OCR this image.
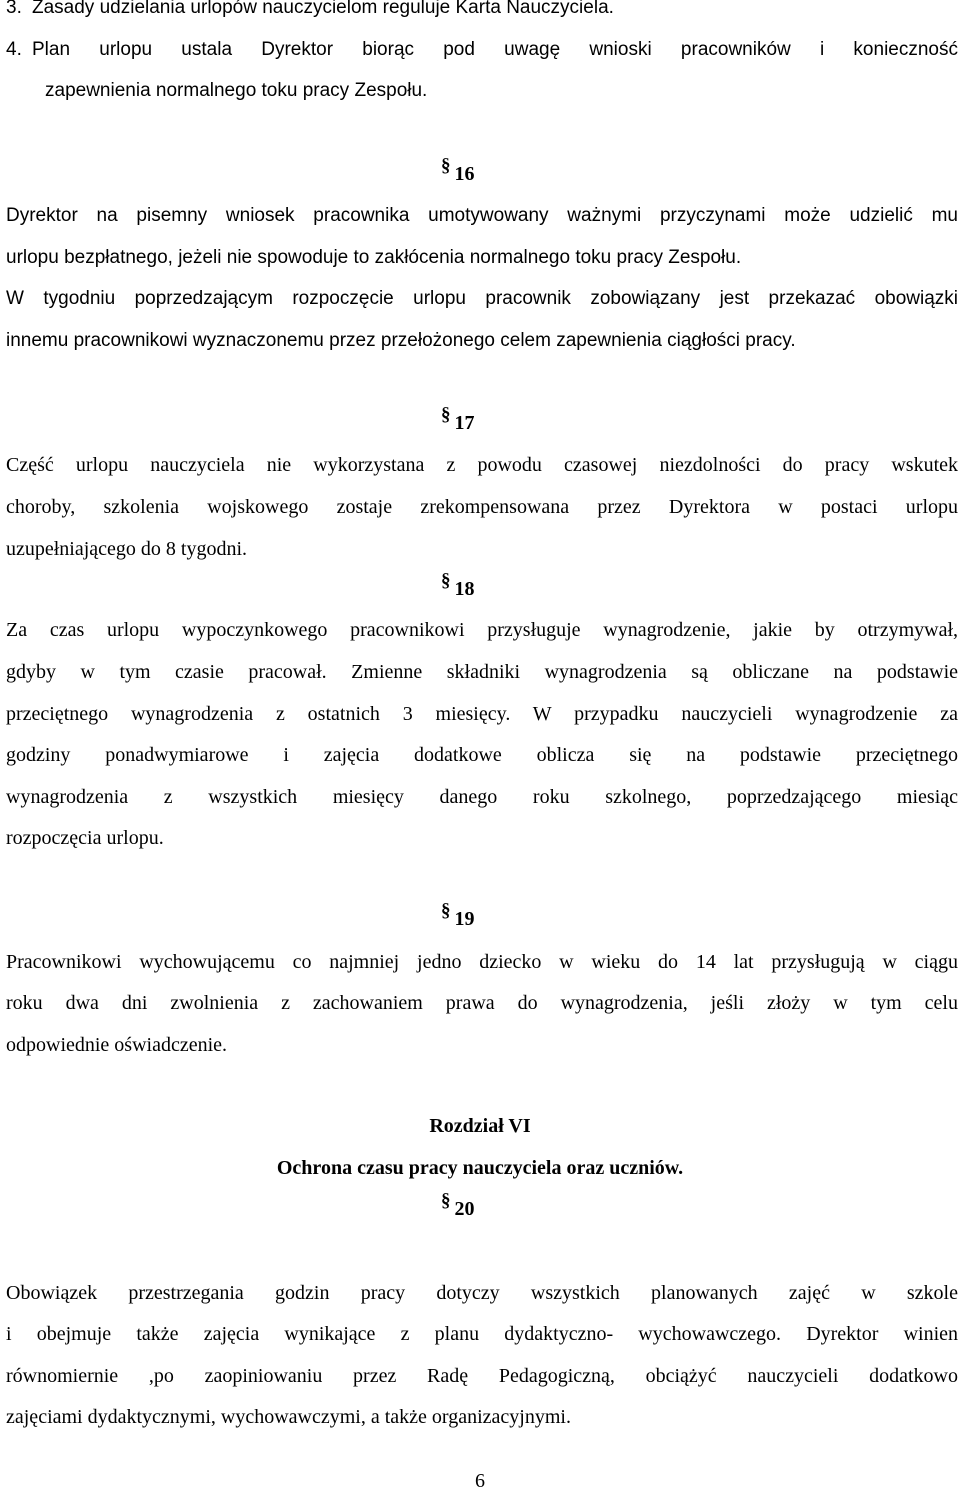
3. Zasady udzielania urlopów nauczycielom reguluje Karta Nauczyciela.
4. Plan urlopu ustala Dyrektor biorąc pod uwagę wnioski pracowników i konieczność
zapewnienia normalnego toku pracy Zespołu.
§ 16
Dyrektor na pisemny wniosek pracownika umotywowany ważnymi przyczynami może udzielić mu
urlopu bezpłatnego, jeżeli nie spowoduje to zakłócenia normalnego toku pracy Zespołu.
W tygodniu poprzedzającym rozpoczęcie urlopu pracownik zobowiązany jest przekazać obowiązki
innemu pracownikowi wyznaczonemu przez przełożonego celem zapewnienia ciągłości pracy.
§ 17
Część urlopu nauczyciela nie wykorzystana z powodu czasowej niezdolności do pracy wskutek
choroby, szkolenia wojskowego zostaje zrekompensowana przez Dyrektora w postaci urlopu
uzupełniającego do 8 tygodni.
§ 18
Za czas urlopu wypoczynkowego pracownikowi przysługuje wynagrodzenie, jakie by otrzymywał,
gdyby w tym czasie pracował. Zmienne składniki wynagrodzenia są obliczane na podstawie
przeciętnego wynagrodzenia z ostatnich 3 miesięcy. W przypadku nauczycieli wynagrodzenie za
godziny ponadwymiarowe i zajęcia dodatkowe oblicza się na podstawie przeciętnego
wynagrodzenia z wszystkich miesięcy danego roku szkolnego, poprzedzającego miesiąc
rozpoczęcia urlopu.
§ 19
Pracownikowi wychowującemu co najmniej jedno dziecko w wieku do 14 lat przysługują w ciągu
roku dwa dni zwolnienia z zachowaniem prawa do wynagrodzenia, jeśli złoży w tym celu
odpowiednie oświadczenie.
Rozdział VI
Ochrona czasu pracy nauczyciela oraz uczniów.
§ 20
Obowiązek przestrzegania godzin pracy dotyczy wszystkich planowanych zajęć w szkole
i obejmuje także zajęcia wynikające z planu dydaktyczno- wychowawczego. Dyrektor winien
równomiernie ,po zaopiniowaniu przez Radę Pedagogiczną, obciążyć nauczycieli dodatkowo
zajęciami dydaktycznymi, wychowawczymi, a także organizacyjnymi.
6
